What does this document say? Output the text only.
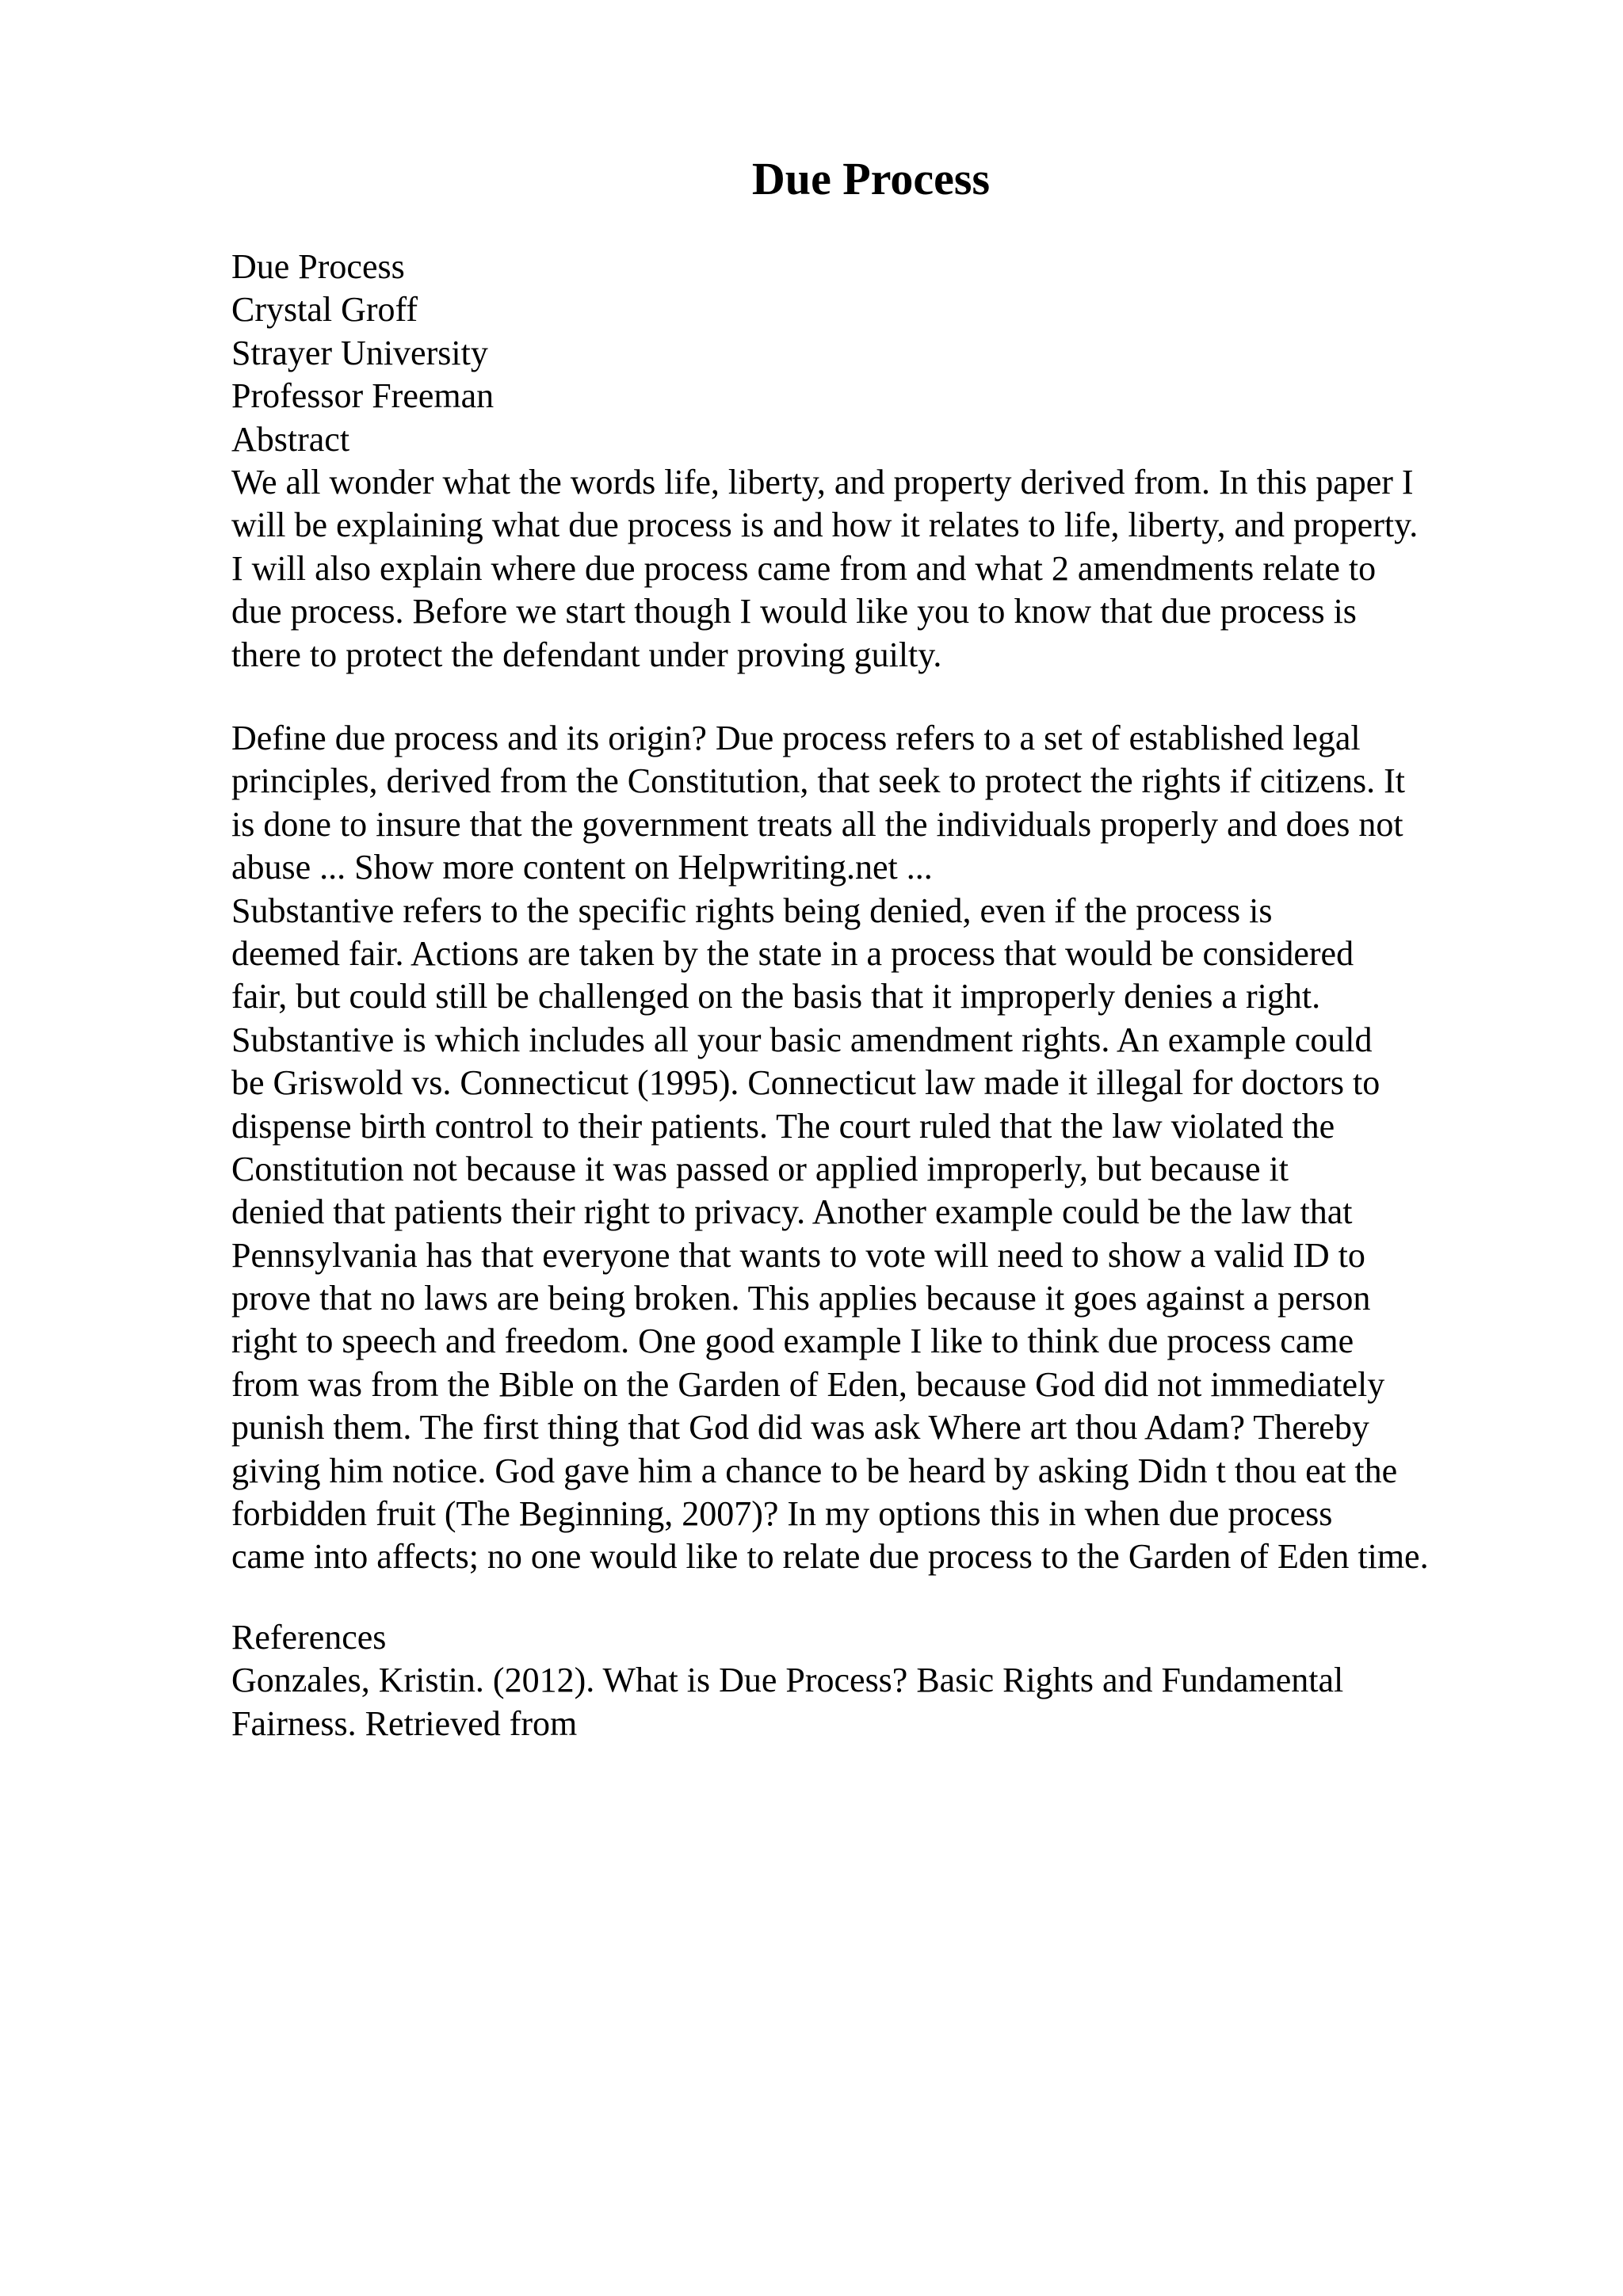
Due Process
Due Process
Crystal Groff
Strayer University
Professor Freeman
Abstract
We all wonder what the words life, liberty, and property derived from. In this paper I
will be explaining what due process is and how it relates to life, liberty, and property.
I will also explain where due process came from and what 2 amendments relate to
due process. Before we start though I would like you to know that due process is
there to protect the defendant under proving guilty.
Define due process and its origin? Due process refers to a set of established legal
principles, derived from the Constitution, that seek to protect the rights if citizens. It
is done to insure that the government treats all the individuals properly and does not
abuse ... Show more content on Helpwriting.net ...
Substantive refers to the specific rights being denied, even if the process is
deemed fair. Actions are taken by the state in a process that would be considered
fair, but could still be challenged on the basis that it improperly denies a right.
Substantive is which includes all your basic amendment rights. An example could
be Griswold vs. Connecticut (1995). Connecticut law made it illegal for doctors to
dispense birth control to their patients. The court ruled that the law violated the
Constitution not because it was passed or applied improperly, but because it
denied that patients their right to privacy. Another example could be the law that
Pennsylvania has that everyone that wants to vote will need to show a valid ID to
prove that no laws are being broken. This applies because it goes against a person
right to speech and freedom. One good example I like to think due process came
from was from the Bible on the Garden of Eden, because God did not immediately
punish them. The first thing that God did was ask Where art thou Adam? Thereby
giving him notice. God gave him a chance to be heard by asking Didn t thou eat the
forbidden fruit (The Beginning, 2007)? In my options this in when due process
came into affects; no one would like to relate due process to the Garden of Eden time.
References
Gonzales, Kristin. (2012). What is Due Process? Basic Rights and Fundamental
Fairness. Retrieved from
